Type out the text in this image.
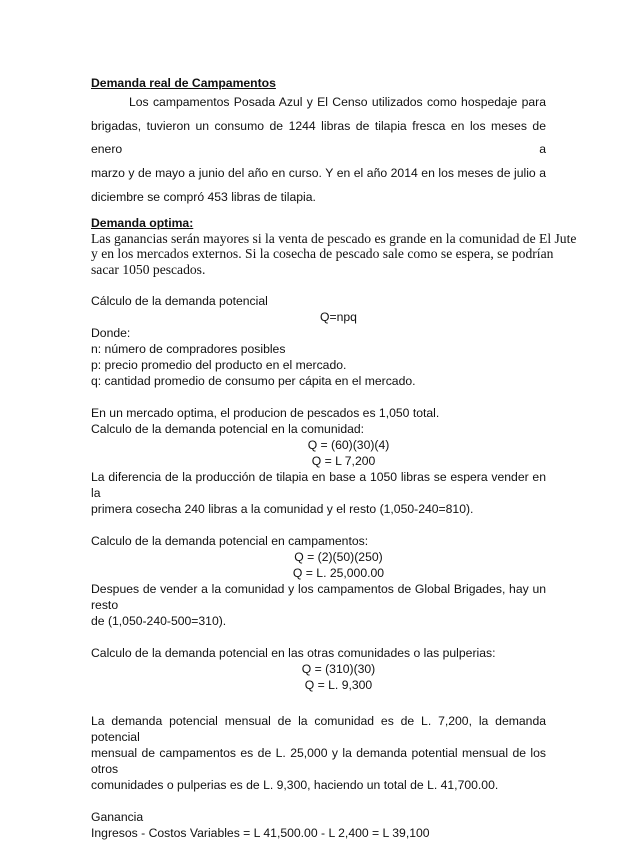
Demanda real de Campamentos
Los campamentos Posada Azul y El Censo utilizados como hospedaje para
brigadas, tuvieron un consumo de 1244 libras de tilapia fresca en los meses de enero a
marzo y de mayo a junio del año en curso. Y en el año 2014 en los meses de julio a
diciembre se compró 453 libras de tilapia.
Demanda optima:
Las ganancias serán mayores si la venta de pescado es grande en la comunidad de El Jute
y en los mercados externos. Si la cosecha de pescado sale como se espera, se podrían
sacar 1050 pescados.
Cálculo de la demanda potencial
Q=npq
Donde:
n: número de compradores posibles
p: precio promedio del producto en el mercado.
q: cantidad promedio de consumo per cápita en el mercado.
En un mercado optima, el producion de pescados es 1,050 total.
Calculo de la demanda potencial en la comunidad:
Q = (60)(30)(4)
Q = L 7,200
La diferencia de la producción de tilapia en base a 1050 libras se espera vender en la
primera cosecha 240 libras a la comunidad y el resto (1,050-240=810).
Calculo de la demanda potencial en campamentos:
Q = (2)(50)(250)
Q = L. 25,000.00
Despues de vender a la comunidad y los campamentos de Global Brigades, hay un resto
de (1,050-240-500=310).
Calculo de la demanda potencial en las otras comunidades o las pulperias:
Q = (310)(30)
Q = L. 9,300
La demanda potencial mensual de la comunidad es de L. 7,200, la demanda potencial
mensual de campamentos es de L. 25,000 y la demanda potential mensual de los otros
comunidades o pulperias es de L. 9,300, haciendo un total de L. 41,700.00.
Ganancia
Ingresos - Costos Variables = L 41,500.00 - L 2,400 = L 39,100
